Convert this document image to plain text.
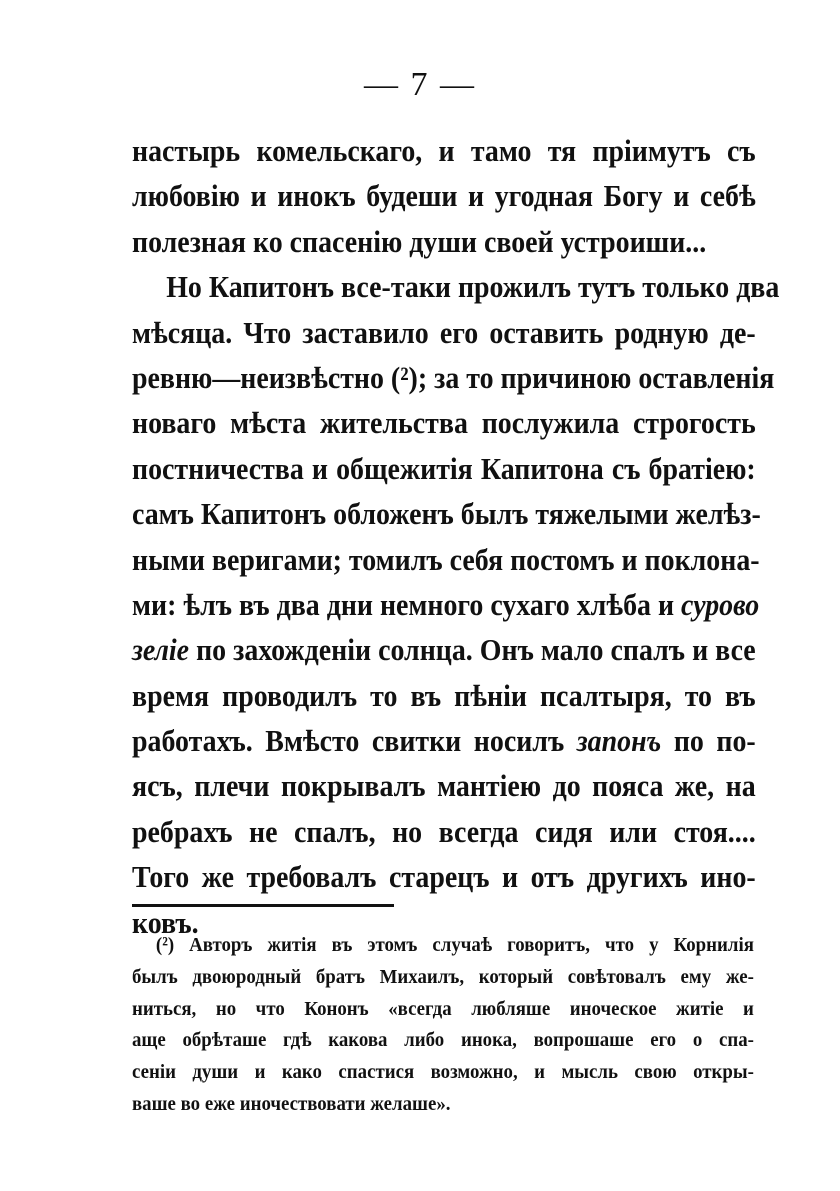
— 7 —
настырь комельскаго, и тамо тя пріимутъ съ
любовію и инокъ будеши и угодная Богу и себѣ
полезная ко спасенію души своей устроиши...
Но Капитонъ все-таки прожилъ тутъ только два
мѣсяца. Что заставило его оставить родную де-
ревню—неизвѣстно (²); за то причиною оставленія
новаго мѣста жительства послужила строгость
постничества и общежитія Капитона съ братіею:
самъ Капитонъ обложенъ былъ тяжелыми желѣз-
ными веригами; томилъ себя постомъ и поклона-
ми: ѣлъ въ два дни немного сухаго хлѣба и сурово
зеліе по захожденіи солнца. Онъ мало спалъ и все
время проводилъ то въ пѣніи псалтыря, то въ
работахъ. Вмѣсто свитки носилъ запонъ по по-
ясъ, плечи покрывалъ мантіею до пояса же, на
ребрахъ не спалъ, но всегда сидя или стоя....
Того же требовалъ старецъ и отъ другихъ ино-
ковъ.
(²) Авторъ житія въ этомъ случаѣ говоритъ, что у Корнилія
былъ двоюродный братъ Михаилъ, который совѣтовалъ ему же-
ниться, но что Кононъ «всегда любляше иноческое житіе и
аще обрѣташе гдѣ какова либо инока, вопрошаше его о спа-
сеніи души и како спастися возможно, и мысль свою откры-
ваше во еже иночествовати желаше».
